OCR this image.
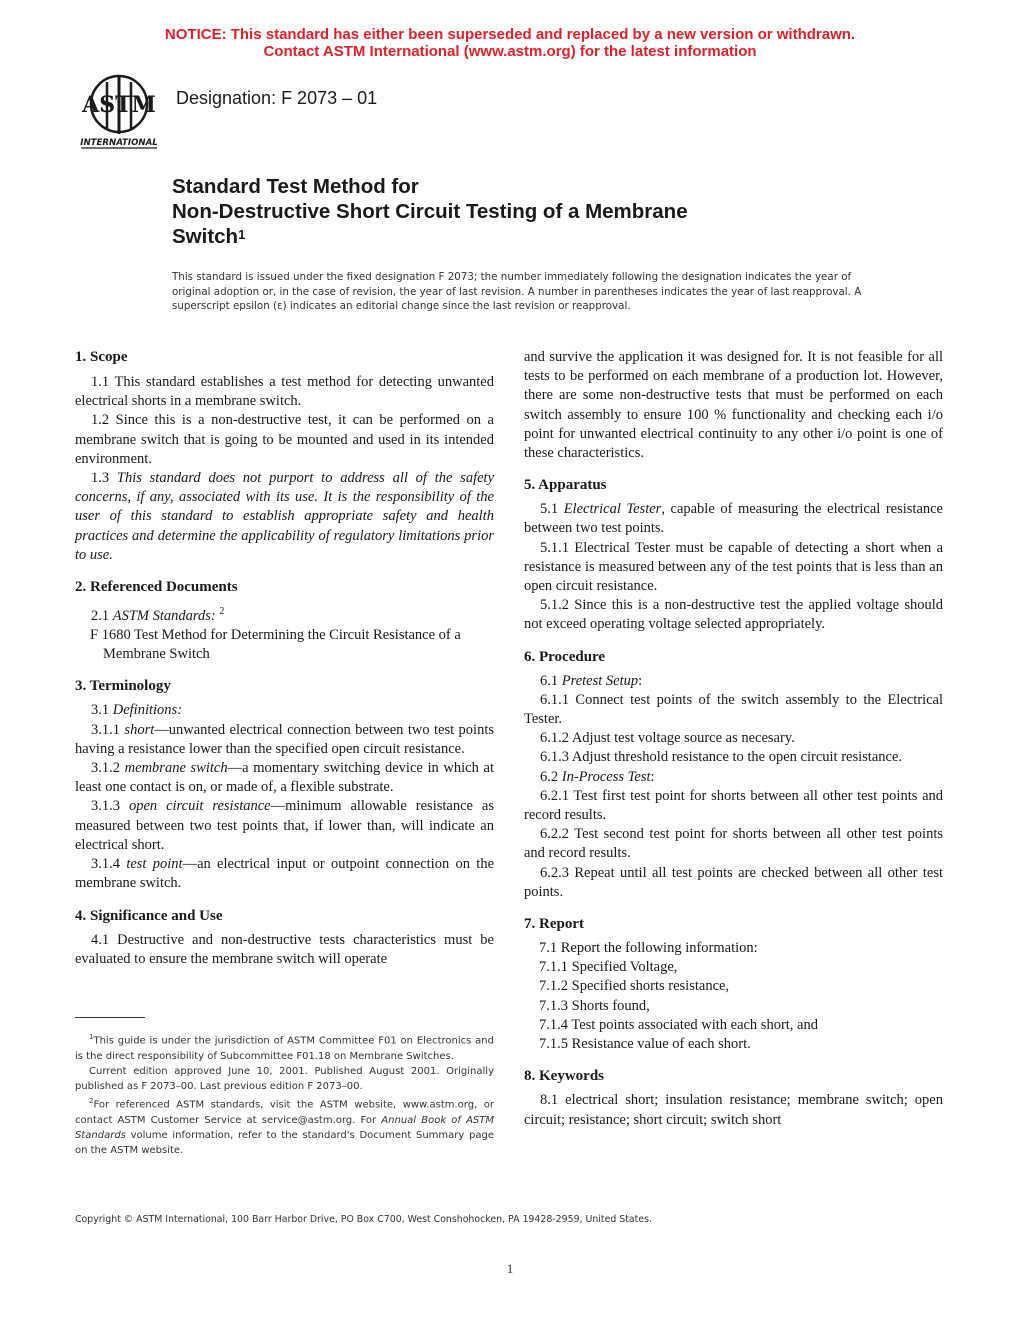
NOTICE: This standard has either been superseded and replaced by a new version or withdrawn.
Contact ASTM International (www.astm.org) for the latest information
ASTM
INTERNATIONAL
Designation: F 2073 – 01
Standard Test Method for
Non-Destructive Short Circuit Testing of a Membrane
Switch$^1$
This standard is issued under the fixed designation F 2073; the number immediately following the designation indicates the year of original adoption or, in the case of revision, the year of last revision. A number in parentheses indicates the year of last reapproval. A superscript epsilon (ε) indicates an editorial change since the last revision or reapproval.
1. Scope

1.1 This standard establishes a test method for detecting unwanted electrical shorts in a membrane switch.

1.2 Since this is a non-destructive test, it can be performed on a membrane switch that is going to be mounted and used in its intended environment.

1.3 This standard does not purport to address all of the safety concerns, if any, associated with its use. It is the responsibility of the user of this standard to establish appropriate safety and health practices and determine the applicability of regulatory limitations prior to use.

2. Referenced Documents

2.1 ASTM Standards: $^2$

F 1680 Test Method for Determining the Circuit Resistance of a Membrane Switch

3. Terminology

3.1 Definitions:

3.1.1 short—unwanted electrical connection between two test points having a resistance lower than the specified open circuit resistance.

3.1.2 membrane switch—a momentary switching device in which at least one contact is on, or made of, a flexible substrate.

3.1.3 open circuit resistance—minimum allowable resistance as measured between two test points that, if lower than, will indicate an electrical short.

3.1.4 test point—an electrical input or outpoint connection on the membrane switch.

4. Significance and Use

4.1 Destructive and non-destructive tests characteristics must be evaluated to ensure the membrane switch will operate

$^1$This guide is under the jurisdiction of ASTM Committee F01 on Electronics and is the direct responsibility of Subcommittee F01.18 on Membrane Switches.

Current edition approved June 10, 2001. Published August 2001. Originally published as F 2073–00. Last previous edition F 2073–00.

$^2$For referenced ASTM standards, visit the ASTM website, www.astm.org, or contact ASTM Customer Service at service@astm.org. For Annual Book of ASTM Standards volume information, refer to the standard's Document Summary page on the ASTM website.

and survive the application it was designed for. It is not feasible for all tests to be performed on each membrane of a production lot. However, there are some non-destructive tests that must be performed on each switch assembly to ensure 100 % functionality and checking each i/o point for unwanted electrical continuity to any other i/o point is one of these characteristics.

5. Apparatus

5.1 Electrical Tester, capable of measuring the electrical resistance between two test points.

5.1.1 Electrical Tester must be capable of detecting a short when a resistance is measured between any of the test points that is less than an open circuit resistance.

5.1.2 Since this is a non-destructive test the applied voltage should not exceed operating voltage selected appropriately.

6. Procedure

6.1 Pretest Setup:

6.1.1 Connect test points of the switch assembly to the Electrical Tester.

6.1.2 Adjust test voltage source as necesary.

6.1.3 Adjust threshold resistance to the open circuit resistance.

6.2 In-Process Test:

6.2.1 Test first test point for shorts between all other test points and record results.

6.2.2 Test second test point for shorts between all other test points and record results.

6.2.3 Repeat until all test points are checked between all other test points.

7. Report

7.1 Report the following information:

7.1.1 Specified Voltage,

7.1.2 Specified shorts resistance,

7.1.3 Shorts found,

7.1.4 Test points associated with each short, and

7.1.5 Resistance value of each short.

8. Keywords

8.1 electrical short; insulation resistance; membrane switch; open circuit; resistance; short circuit; switch short

Copyright © ASTM International, 100 Barr Harbor Drive, PO Box C700, West Conshohocken, PA 19428-2959, United States.
1
